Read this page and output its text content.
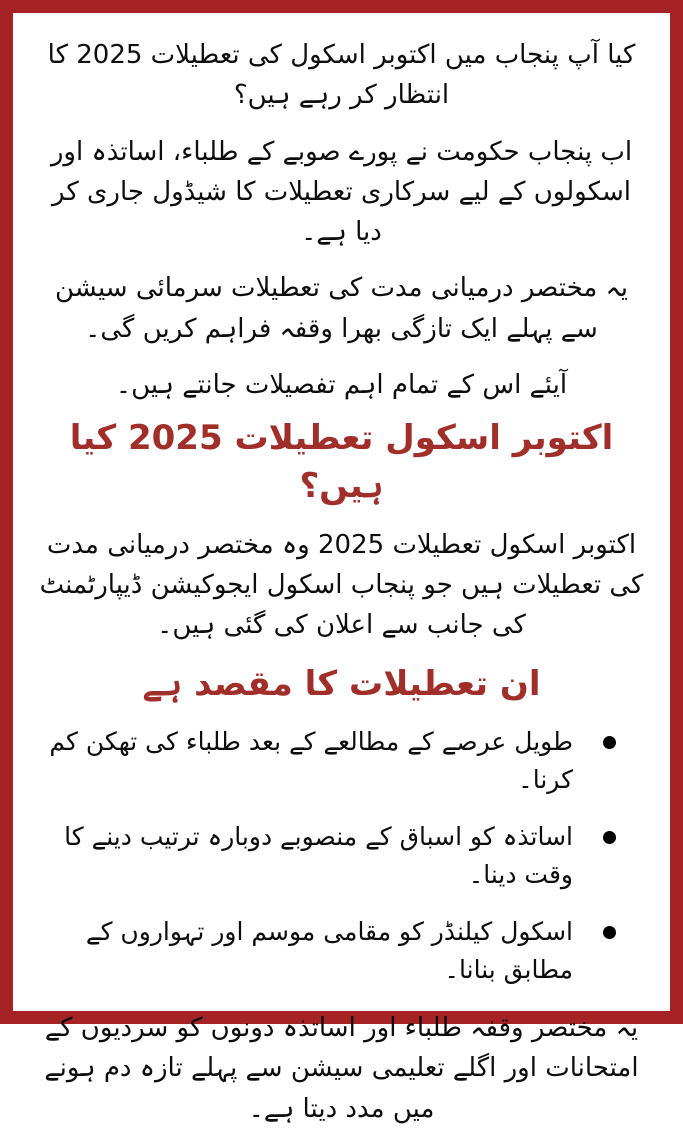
کیا آپ پنجاب میں اکتوبر اسکول کی تعطیلات 2025 کا انتظار کر رہے ہیں؟

اب پنجاب حکومت نے پورے صوبے کے طلباء، اساتذہ اور اسکولوں کے لیے سرکاری تعطیلات کا شیڈول جاری کر دیا ہے۔

یہ مختصر درمیانی مدت کی تعطیلات سرمائی سیشن سے پہلے ایک تازگی بھرا وقفہ فراہم کریں گی۔

آیئے اس کے تمام اہم تفصیلات جانتے ہیں۔

اکتوبر اسکول تعطیلات 2025 کیا ہیں؟

اکتوبر اسکول تعطیلات 2025 وہ مختصر درمیانی مدت کی تعطیلات ہیں جو پنجاب اسکول ایجوکیشن ڈیپارٹمنٹ کی جانب سے اعلان کی گئی ہیں۔

ان تعطیلات کا مقصد ہے
طویل عرصے کے مطالعے کے بعد طلباء کی تھکن کم کرنا۔
اساتذہ کو اسباق کے منصوبے دوبارہ ترتیب دینے کا وقت دینا۔
اسکول کیلنڈر کو مقامی موسم اور تہواروں کے مطابق بنانا۔

یہ مختصر وقفہ طلباء اور اساتذہ دونوں کو سردیوں کے امتحانات اور اگلے تعلیمی سیشن سے پہلے تازہ دم ہونے میں مدد دیتا ہے۔
